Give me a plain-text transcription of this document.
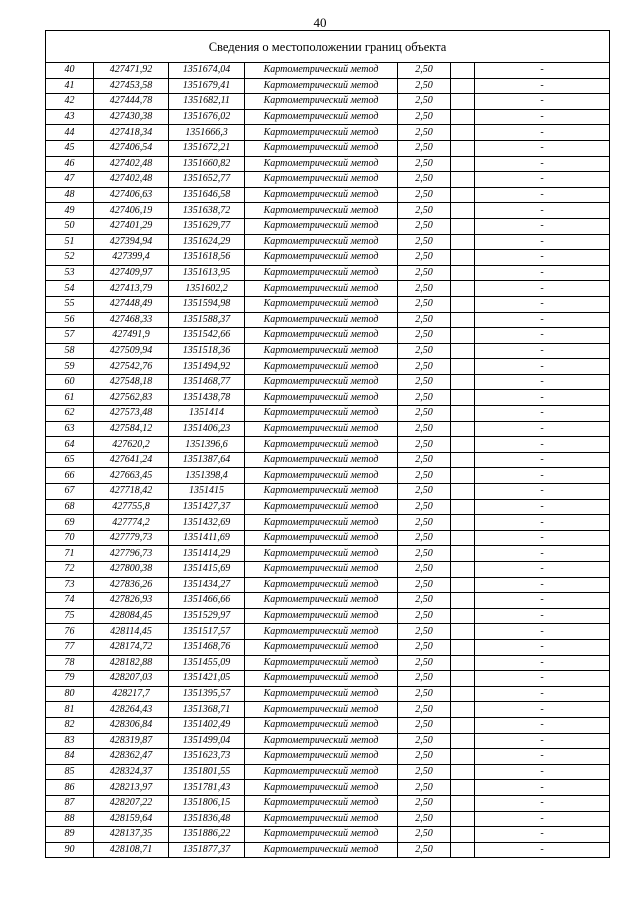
40
Сведения о местоположении границ объекта						
40	427471,92	1351674,04	Картометрический метод	2,50		-
41	427453,58	1351679,41	Картометрический метод	2,50		-
42	427444,78	1351682,11	Картометрический метод	2,50		-
43	427430,38	1351676,02	Картометрический метод	2,50		-
44	427418,34	1351666,3	Картометрический метод	2,50		-
45	427406,54	1351672,21	Картометрический метод	2,50		-
46	427402,48	1351660,82	Картометрический метод	2,50		-
47	427402,48	1351652,77	Картометрический метод	2,50		-
48	427406,63	1351646,58	Картометрический метод	2,50		-
49	427406,19	1351638,72	Картометрический метод	2,50		-
50	427401,29	1351629,77	Картометрический метод	2,50		-
51	427394,94	1351624,29	Картометрический метод	2,50		-
52	427399,4	1351618,56	Картометрический метод	2,50		-
53	427409,97	1351613,95	Картометрический метод	2,50		-
54	427413,79	1351602,2	Картометрический метод	2,50		-
55	427448,49	1351594,98	Картометрический метод	2,50		-
56	427468,33	1351588,37	Картометрический метод	2,50		-
57	427491,9	1351542,66	Картометрический метод	2,50		-
58	427509,94	1351518,36	Картометрический метод	2,50		-
59	427542,76	1351494,92	Картометрический метод	2,50		-
60	427548,18	1351468,77	Картометрический метод	2,50		-
61	427562,83	1351438,78	Картометрический метод	2,50		-
62	427573,48	1351414	Картометрический метод	2,50		-
63	427584,12	1351406,23	Картометрический метод	2,50		-
64	427620,2	1351396,6	Картометрический метод	2,50		-
65	427641,24	1351387,64	Картометрический метод	2,50		-
66	427663,45	1351398,4	Картометрический метод	2,50		-
67	427718,42	1351415	Картометрический метод	2,50		-
68	427755,8	1351427,37	Картометрический метод	2,50		-
69	427774,2	1351432,69	Картометрический метод	2,50		-
70	427779,73	1351411,69	Картометрический метод	2,50		-
71	427796,73	1351414,29	Картометрический метод	2,50		-
72	427800,38	1351415,69	Картометрический метод	2,50		-
73	427836,26	1351434,27	Картометрический метод	2,50		-
74	427826,93	1351466,66	Картометрический метод	2,50		-
75	428084,45	1351529,97	Картометрический метод	2,50		-
76	428114,45	1351517,57	Картометрический метод	2,50		-
77	428174,72	1351468,76	Картометрический метод	2,50		-
78	428182,88	1351455,09	Картометрический метод	2,50		-
79	428207,03	1351421,05	Картометрический метод	2,50		-
80	428217,7	1351395,57	Картометрический метод	2,50		-
81	428264,43	1351368,71	Картометрический метод	2,50		-
82	428306,84	1351402,49	Картометрический метод	2,50		-
83	428319,87	1351499,04	Картометрический метод	2,50		-
84	428362,47	1351623,73	Картометрический метод	2,50		-
85	428324,37	1351801,55	Картометрический метод	2,50		-
86	428213,97	1351781,43	Картометрический метод	2,50		-
87	428207,22	1351806,15	Картометрический метод	2,50		-
88	428159,64	1351836,48	Картометрический метод	2,50		-
89	428137,35	1351886,22	Картометрический метод	2,50		-
90	428108,71	1351877,37	Картометрический метод	2,50		-
